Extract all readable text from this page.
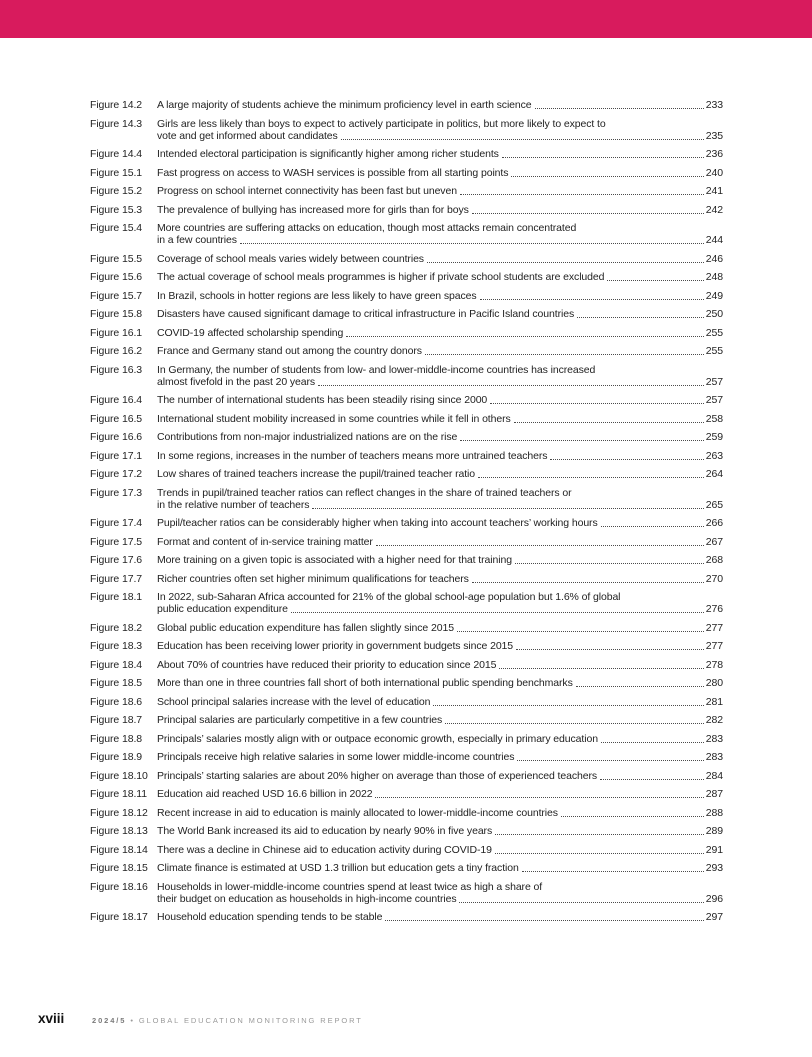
Figure 14.2	A large majority of students achieve the minimum proficiency level in earth science	233
Figure 14.3	Girls are less likely than boys to expect to actively participate in politics, but more likely to expect to
vote and get informed about candidates	235
Figure 14.4	Intended electoral participation is significantly higher among richer students	236
Figure 15.1	Fast progress on access to WASH services is possible from all starting points	240
Figure 15.2	Progress on school internet connectivity has been fast but uneven	241
Figure 15.3	The prevalence of bullying has increased more for girls than for boys	242
Figure 15.4	More countries are suffering attacks on education, though most attacks remain concentrated
in a few countries	244
Figure 15.5	Coverage of school meals varies widely between countries	246
Figure 15.6	The actual coverage of school meals programmes is higher if private school students are excluded	248
Figure 15.7	In Brazil, schools in hotter regions are less likely to have green spaces	249
Figure 15.8	Disasters have caused significant damage to critical infrastructure in Pacific Island countries	250
Figure 16.1	COVID-19 affected scholarship spending	255
Figure 16.2	France and Germany stand out among the country donors	255
Figure 16.3	In Germany, the number of students from low- and lower-middle-income countries has increased
almost fivefold in the past 20 years	257
Figure 16.4	The number of international students has been steadily rising since 2000	257
Figure 16.5	International student mobility increased in some countries while it fell in others	258
Figure 16.6	Contributions from non-major industrialized nations are on the rise	259
Figure 17.1	In some regions, increases in the number of teachers means more untrained teachers	263
Figure 17.2	Low shares of trained teachers increase the pupil/trained teacher ratio	264
Figure 17.3	Trends in pupil/trained teacher ratios can reflect changes in the share of trained teachers or
in the relative number of teachers	265
Figure 17.4	Pupil/teacher ratios can be considerably higher when taking into account teachers’ working hours	266
Figure 17.5	Format and content of in-service training matter	267
Figure 17.6	More training on a given topic is associated with a higher need for that training	268
Figure 17.7	Richer countries often set higher minimum qualifications for teachers	270
Figure 18.1	In 2022, sub-Saharan Africa accounted for 21% of the global school-age population but 1.6% of global
public education expenditure	276
Figure 18.2	Global public education expenditure has fallen slightly since 2015	277
Figure 18.3	Education has been receiving lower priority in government budgets since 2015	277
Figure 18.4	About 70% of countries have reduced their priority to education since 2015	278
Figure 18.5	More than one in three countries fall short of both international public spending benchmarks	280
Figure 18.6	School principal salaries increase with the level of education	281
Figure 18.7	Principal salaries are particularly competitive in a few countries	282
Figure 18.8	Principals’ salaries mostly align with or outpace economic growth, especially in primary education	283
Figure 18.9	Principals receive high relative salaries in some lower middle-income countries	283
Figure 18.10 Principals’ starting salaries are about 20% higher on average than those of experienced teachers	284
Figure 18.11 Education aid reached USD 16.6 billion in 2022	287
Figure 18.12 Recent increase in aid to education is mainly allocated to lower-middle-income countries	288
Figure 18.13 The World Bank increased its aid to education by nearly 90% in five years	289
Figure 18.14 There was a decline in Chinese aid to education activity during COVID-19	291
Figure 18.15 Climate finance is estimated at USD 1.3 trillion but education gets a tiny fraction	293
Figure 18.16 Households in lower-middle-income countries spend at least twice as high a share of
their budget on education as households in high-income countries	296
Figure 18.17 Household education spending tends to be stable	297
xviii	2024/5 • GLOBAL EDUCATION MONITORING REPORT
